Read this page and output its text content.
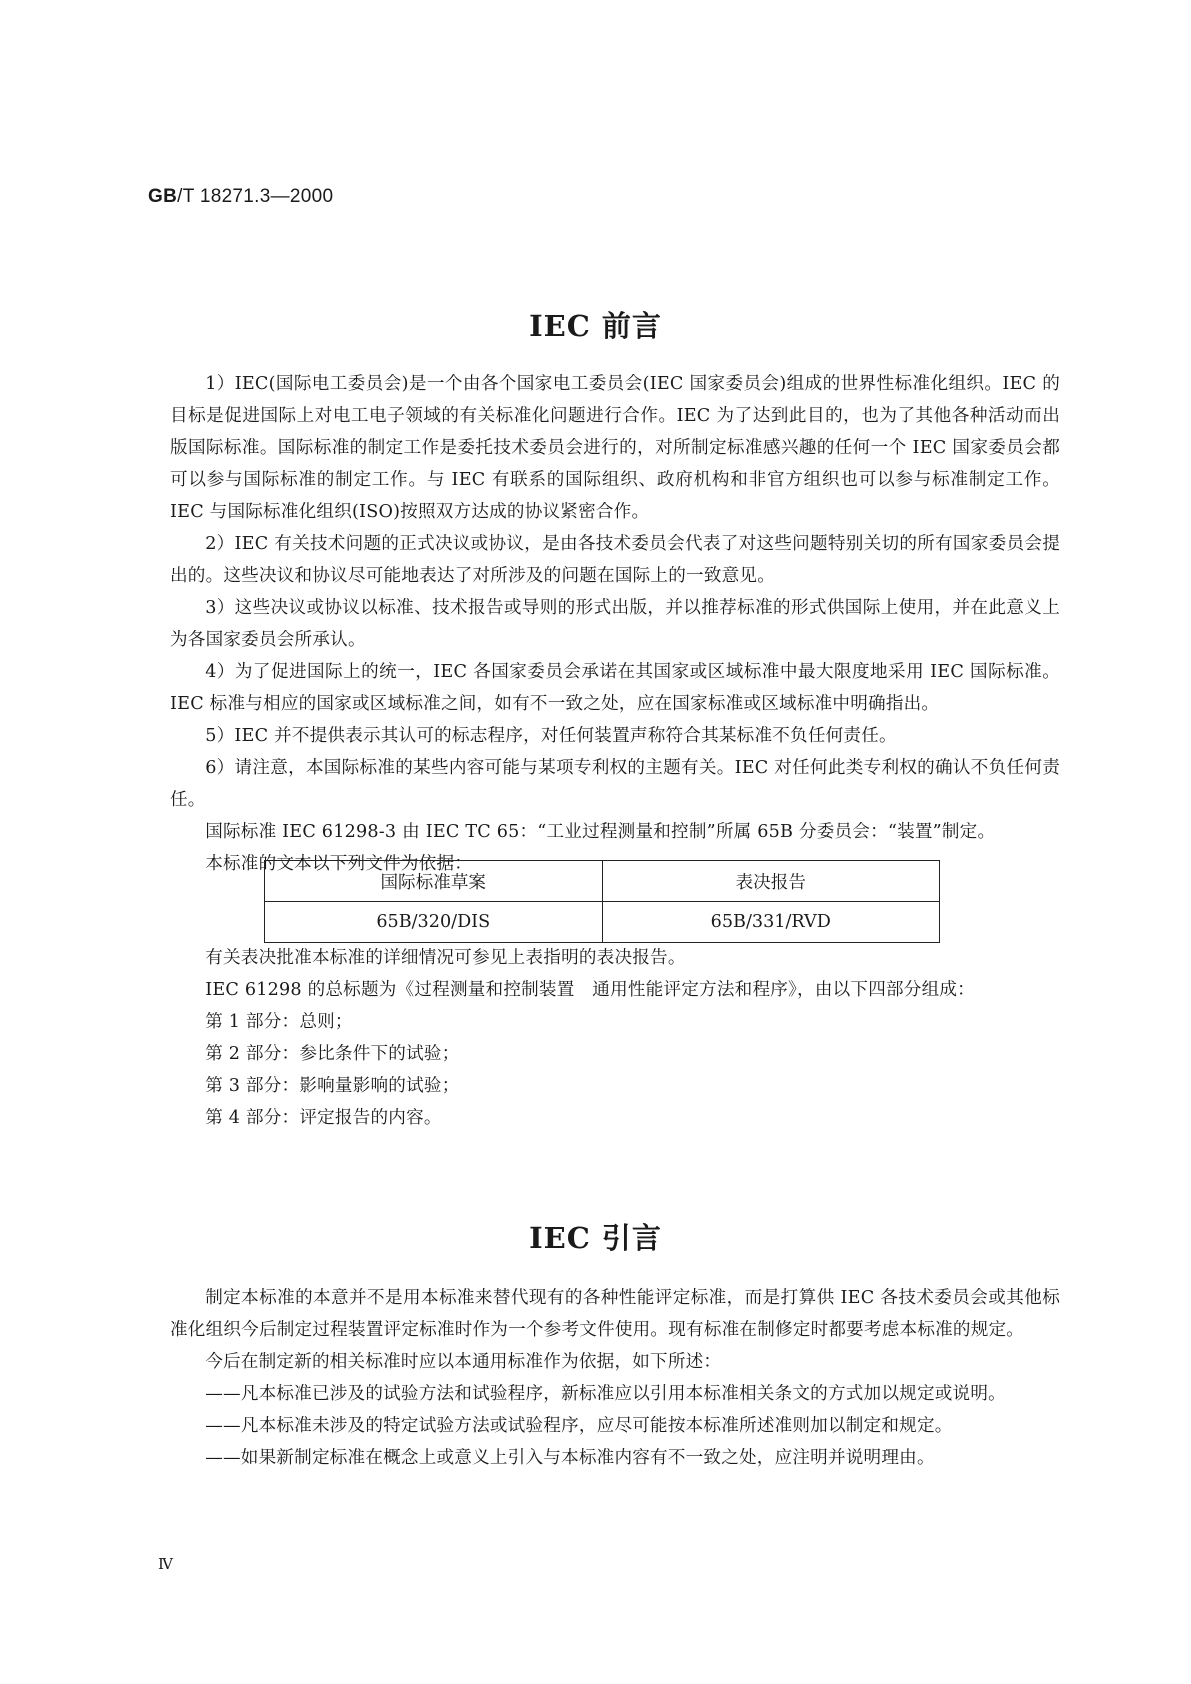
GB/T 18271.3—2000
IEC 前言

1）IEC(国际电工委员会)是一个由各个国家电工委员会(IEC 国家委员会)组成的世界性标准化组织。IEC 的目标是促进国际上对电工电子领域的有关标准化问题进行合作。IEC 为了达到此目的，也为了其他各种活动而出版国际标准。国际标准的制定工作是委托技术委员会进行的，对所制定标准感兴趣的任何一个 IEC 国家委员会都可以参与国际标准的制定工作。与 IEC 有联系的国际组织、政府机构和非官方组织也可以参与标准制定工作。IEC 与国际标准化组织(ISO)按照双方达成的协议紧密合作。

2）IEC 有关技术问题的正式决议或协议，是由各技术委员会代表了对这些问题特别关切的所有国家委员会提出的。这些决议和协议尽可能地表达了对所涉及的问题在国际上的一致意见。

3）这些决议或协议以标准、技术报告或导则的形式出版，并以推荐标准的形式供国际上使用，并在此意义上为各国家委员会所承认。

4）为了促进国际上的统一，IEC 各国家委员会承诺在其国家或区域标准中最大限度地采用 IEC 国际标准。IEC 标准与相应的国家或区域标准之间，如有不一致之处，应在国家标准或区域标准中明确指出。

5）IEC 并不提供表示其认可的标志程序，对任何装置声称符合其某标准不负任何责任。

6）请注意，本国际标准的某些内容可能与某项专利权的主题有关。IEC 对任何此类专利权的确认不负任何责任。

国际标准 IEC 61298-3 由 IEC TC 65：“工业过程测量和控制”所属 65B 分委员会：“装置”制定。

本标准的文本以下列文件为依据：

国际标准草案	表决报告
65B/320/DIS	65B/331/RVD

有关表决批准本标准的详细情况可参见上表指明的表决报告。

IEC 61298 的总标题为《过程测量和控制装置　通用性能评定方法和程序》，由以下四部分组成：

第 1 部分：总则；

第 2 部分：参比条件下的试验；

第 3 部分：影响量影响的试验；

第 4 部分：评定报告的内容。

IEC 引言

制定本标准的本意并不是用本标准来替代现有的各种性能评定标准，而是打算供 IEC 各技术委员会或其他标准化组织今后制定过程装置评定标准时作为一个参考文件使用。现有标准在制修定时都要考虑本标准的规定。

今后在制定新的相关标准时应以本通用标准作为依据，如下所述：

——凡本标准已涉及的试验方法和试验程序，新标准应以引用本标准相关条文的方式加以规定或说明。

——凡本标准未涉及的特定试验方法或试验程序，应尽可能按本标准所述准则加以制定和规定。

——如果新制定标准在概念上或意义上引入与本标准内容有不一致之处，应注明并说明理由。

Ⅳ
